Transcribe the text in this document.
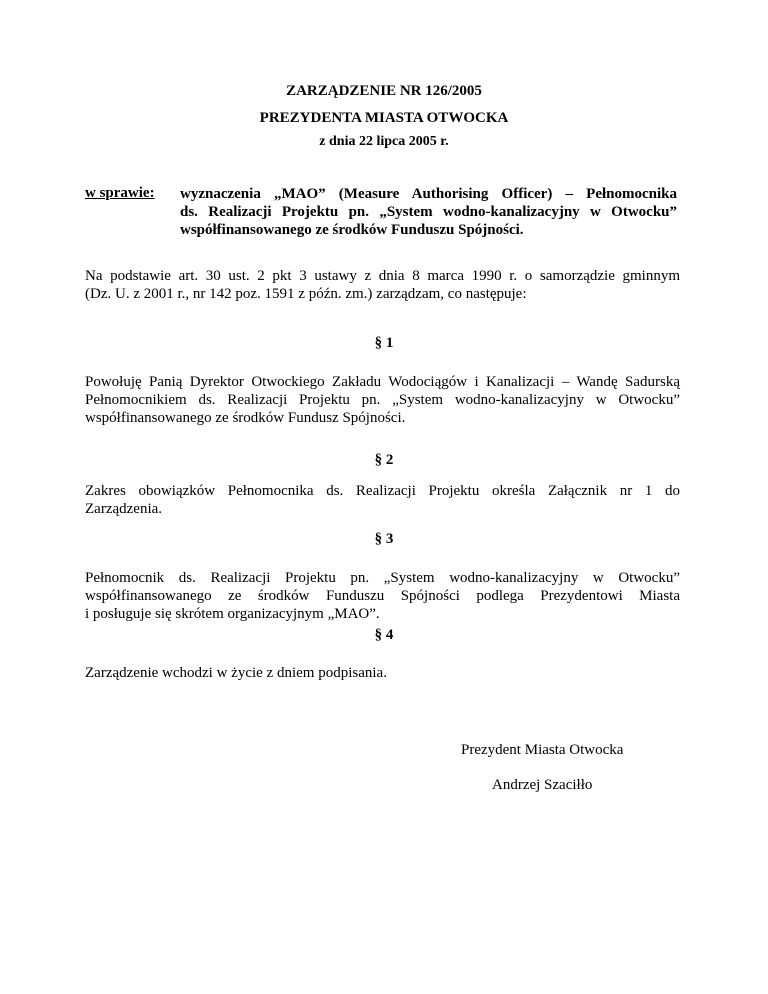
ZARZĄDZENIE NR 126/2005
PREZYDENTA MIASTA OTWOCKA
z dnia 22 lipca 2005 r.
w sprawie: wyznaczenia „MAO” (Measure Authorising Officer) – Pełnomocnika
ds. Realizacji Projektu pn. „System wodno-kanalizacyjny w Otwocku”
współfinansowanego ze środków Funduszu Spójności.
Na podstawie art. 30 ust. 2 pkt 3 ustawy z dnia 8 marca 1990 r. o samorządzie gminnym
(Dz. U. z 2001 r., nr 142 poz. 1591 z późn. zm.) zarządzam, co następuje:
§ 1
Powołuję Panią Dyrektor Otwockiego Zakładu Wodociągów i Kanalizacji – Wandę Sadurską
Pełnomocnikiem ds. Realizacji Projektu pn. „System wodno-kanalizacyjny w Otwocku”
współfinansowanego ze środków Fundusz Spójności.
§ 2
Zakres obowiązków Pełnomocnika ds. Realizacji Projektu określa Załącznik nr 1 do
Zarządzenia.
§ 3
Pełnomocnik ds. Realizacji Projektu pn. „System wodno-kanalizacyjny w Otwocku”
współfinansowanego ze środków Funduszu Spójności podlega Prezydentowi Miasta
i posługuje się skrótem organizacyjnym „MAO”.
§ 4
Zarządzenie wchodzi w życie z dniem podpisania.
Prezydent Miasta Otwocka
Andrzej Szaciłło
